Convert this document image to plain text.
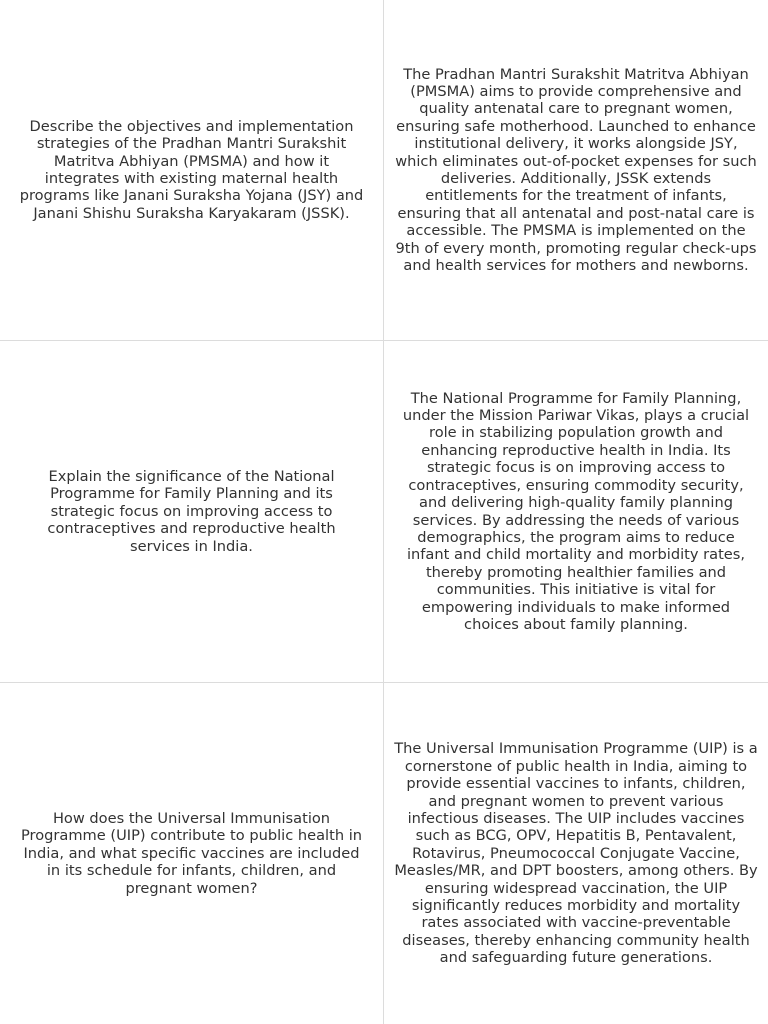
Describe the objectives and implementation strategies of the Pradhan Mantri Surakshit Matritva Abhiyan (PMSMA) and how it integrates with existing maternal health programs like Janani Suraksha Yojana (JSY) and Janani Shishu Suraksha Karyakaram (JSSK).

The Pradhan Mantri Surakshit Matritva Abhiyan (PMSMA) aims to provide comprehensive and quality antenatal care to pregnant women, ensuring safe motherhood. Launched to enhance institutional delivery, it works alongside JSY, which eliminates out-of-pocket expenses for such deliveries. Additionally, JSSK extends entitlements for the treatment of infants, ensuring that all antenatal and post-natal care is accessible. The PMSMA is implemented on the 9th of every month, promoting regular check-ups and health services for mothers and newborns.

Explain the significance of the National Programme for Family Planning and its strategic focus on improving access to contraceptives and reproductive health services in India.

The National Programme for Family Planning, under the Mission Pariwar Vikas, plays a crucial role in stabilizing population growth and enhancing reproductive health in India. Its strategic focus is on improving access to contraceptives, ensuring commodity security, and delivering high-quality family planning services. By addressing the needs of various demographics, the program aims to reduce infant and child mortality and morbidity rates, thereby promoting healthier families and communities. This initiative is vital for empowering individuals to make informed choices about family planning.

How does the Universal Immunisation Programme (UIP) contribute to public health in India, and what specific vaccines are included in its schedule for infants, children, and pregnant women?

The Universal Immunisation Programme (UIP) is a cornerstone of public health in India, aiming to provide essential vaccines to infants, children, and pregnant women to prevent various infectious diseases. The UIP includes vaccines such as BCG, OPV, Hepatitis B, Pentavalent, Rotavirus, Pneumococcal Conjugate Vaccine, Measles/MR, and DPT boosters, among others. By ensuring widespread vaccination, the UIP significantly reduces morbidity and mortality rates associated with vaccine-preventable diseases, thereby enhancing community health and safeguarding future generations.
